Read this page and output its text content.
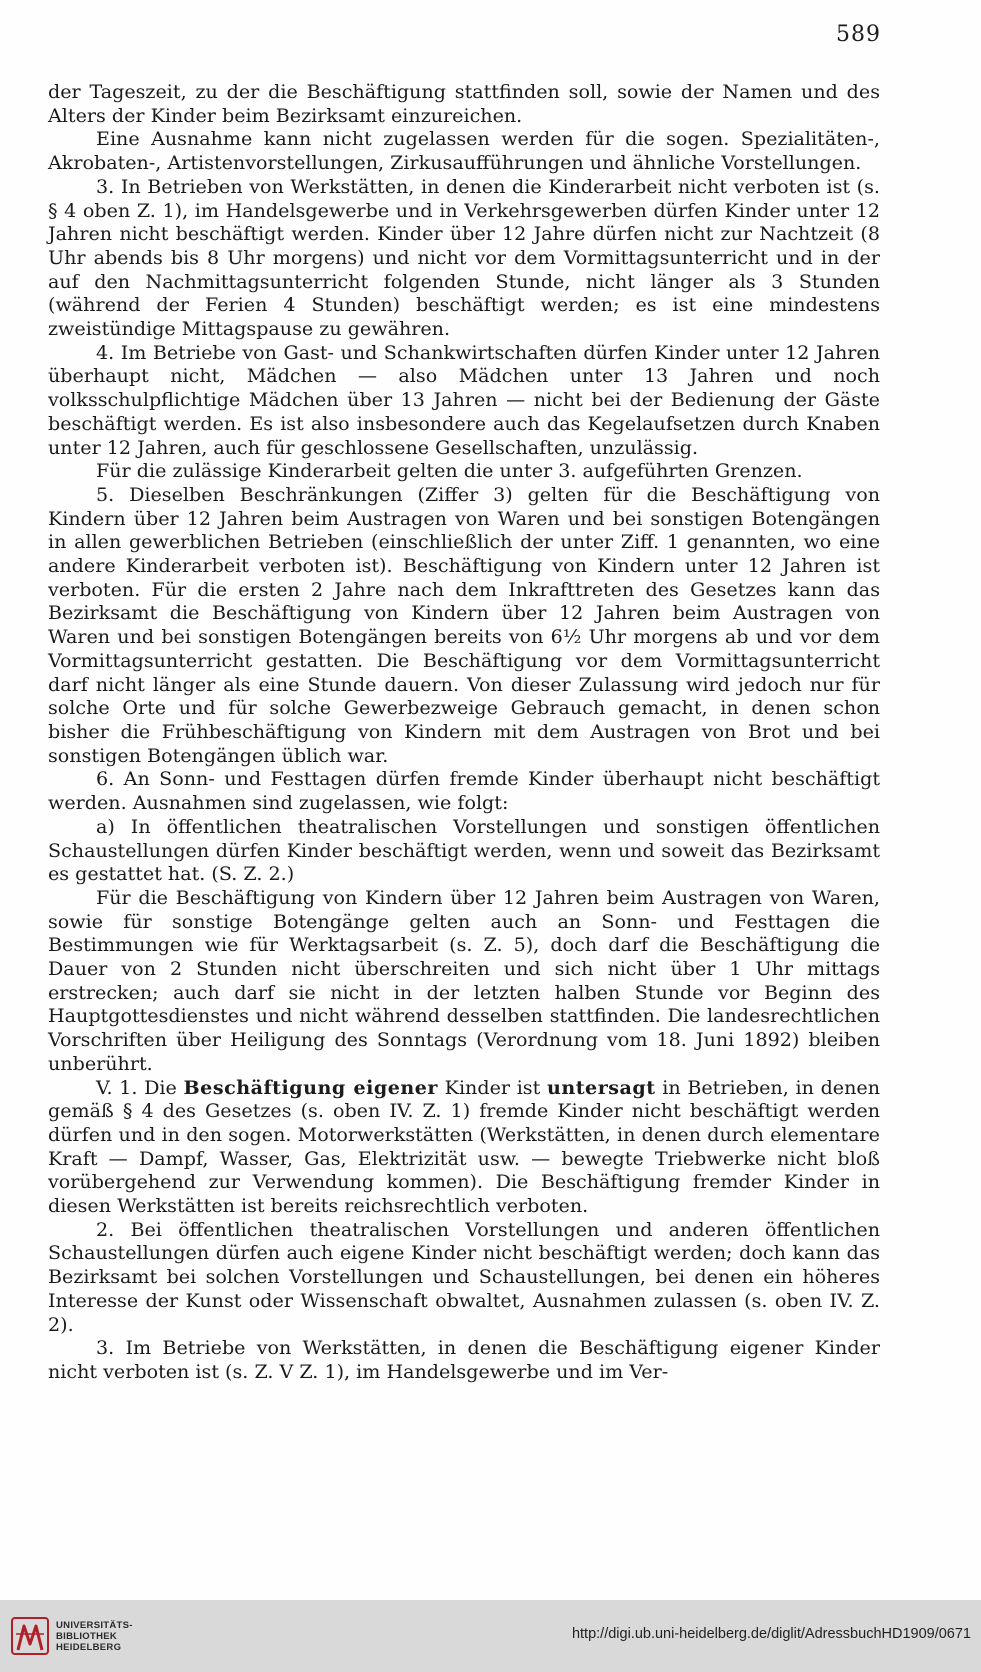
589

der Tageszeit, zu der die Beschäftigung stattfinden soll, sowie der Namen und des Alters der Kinder beim Bezirksamt einzureichen.

Eine Ausnahme kann nicht zugelassen werden für die sogen. Spezialitäten-, Akrobaten-, Artistenvorstellungen, Zirkusaufführungen und ähnliche Vorstellungen.

3. In Betrieben von Werkstätten, in denen die Kinderarbeit nicht verboten ist (s. § 4 oben Z. 1), im Handelsgewerbe und in Verkehrsgewerben dürfen Kinder unter 12 Jahren nicht beschäftigt werden. Kinder über 12 Jahre dürfen nicht zur Nachtzeit (8 Uhr abends bis 8 Uhr morgens) und nicht vor dem Vormittagsunterricht und in der auf den Nachmittagsunterricht folgenden Stunde, nicht länger als 3 Stunden (während der Ferien 4 Stunden) beschäftigt werden; es ist eine mindestens zweistündige Mittagspause zu gewähren.

4. Im Betriebe von Gast- und Schankwirtschaften dürfen Kinder unter 12 Jahren überhaupt nicht, Mädchen — also Mädchen unter 13 Jahren und noch volksschulpflichtige Mädchen über 13 Jahren — nicht bei der Bedienung der Gäste beschäftigt werden. Es ist also insbesondere auch das Kegelaufsetzen durch Knaben unter 12 Jahren, auch für geschlossene Gesellschaften, unzulässig.

Für die zulässige Kinderarbeit gelten die unter 3. aufgeführten Grenzen.

5. Dieselben Beschränkungen (Ziffer 3) gelten für die Beschäftigung von Kindern über 12 Jahren beim Austragen von Waren und bei sonstigen Botengängen in allen gewerblichen Betrieben (einschließlich der unter Ziff. 1 genannten, wo eine andere Kinderarbeit verboten ist). Beschäftigung von Kindern unter 12 Jahren ist verboten. Für die ersten 2 Jahre nach dem Inkrafttreten des Gesetzes kann das Bezirksamt die Beschäftigung von Kindern über 12 Jahren beim Austragen von Waren und bei sonstigen Botengängen bereits von 6½ Uhr morgens ab und vor dem Vormittagsunterricht gestatten. Die Beschäftigung vor dem Vormittagsunterricht darf nicht länger als eine Stunde dauern. Von dieser Zulassung wird jedoch nur für solche Orte und für solche Gewerbezweige Gebrauch gemacht, in denen schon bisher die Frühbeschäftigung von Kindern mit dem Austragen von Brot und bei sonstigen Botengängen üblich war.

6. An Sonn- und Festtagen dürfen fremde Kinder überhaupt nicht beschäftigt werden. Ausnahmen sind zugelassen, wie folgt:

a) In öffentlichen theatralischen Vorstellungen und sonstigen öffentlichen Schaustellungen dürfen Kinder beschäftigt werden, wenn und soweit das Bezirksamt es gestattet hat. (S. Z. 2.)

Für die Beschäftigung von Kindern über 12 Jahren beim Austragen von Waren, sowie für sonstige Botengänge gelten auch an Sonn- und Festtagen die Bestimmungen wie für Werktagsarbeit (s. Z. 5), doch darf die Beschäftigung die Dauer von 2 Stunden nicht überschreiten und sich nicht über 1 Uhr mittags erstrecken; auch darf sie nicht in der letzten halben Stunde vor Beginn des Hauptgottesdienstes und nicht während desselben stattfinden. Die landesrechtlichen Vorschriften über Heiligung des Sonntags (Verordnung vom 18. Juni 1892) bleiben unberührt.

V. 1. Die Beschäftigung eigener Kinder ist untersagt in Betrieben, in denen gemäß § 4 des Gesetzes (s. oben IV. Z. 1) fremde Kinder nicht beschäftigt werden dürfen und in den sogen. Motorwerkstätten (Werkstätten, in denen durch elementare Kraft — Dampf, Wasser, Gas, Elektrizität usw. — bewegte Triebwerke nicht bloß vorübergehend zur Verwendung kommen). Die Beschäftigung fremder Kinder in diesen Werkstätten ist bereits reichsrechtlich verboten.

2. Bei öffentlichen theatralischen Vorstellungen und anderen öffentlichen Schaustellungen dürfen auch eigene Kinder nicht beschäftigt werden; doch kann das Bezirksamt bei solchen Vorstellungen und Schaustellungen, bei denen ein höheres Interesse der Kunst oder Wissenschaft obwaltet, Ausnahmen zulassen (s. oben IV. Z. 2).

3. Im Betriebe von Werkstätten, in denen die Beschäftigung eigener Kinder nicht verboten ist (s. Z. V Z. 1), im Handelsgewerbe und im Ver-

UNIVERSITÄTS-
BIBLIOTHEK
HEIDELBERG
http://digi.ub.uni-heidelberg.de/diglit/AdressbuchHD1909/0671
